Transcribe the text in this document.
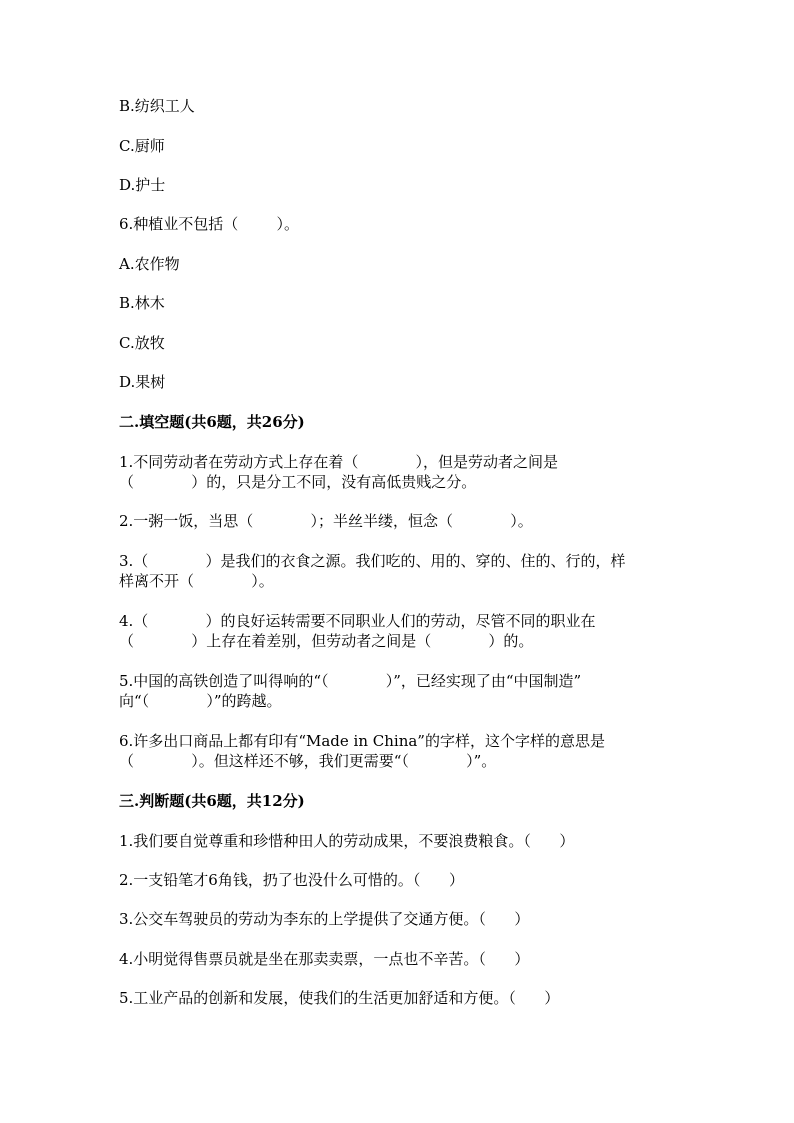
B.纺织工人
C.厨师
D.护士
6.种植业不包括（        ）。
A.农作物
B.林木
C.放牧
D.果树
二.填空题(共6题，共26分)
1.不同劳动者在劳动方式上存在着（            ），但是劳动者之间是
（            ）的，只是分工不同，没有高低贵贱之分。
2.一粥一饭，当思（            ）；半丝半缕，恒念（            ）。
3.（            ）是我们的衣食之源。我们吃的、用的、穿的、住的、行的，样
样离不开（            ）。
4.（            ）的良好运转需要不同职业人们的劳动，尽管不同的职业在
（            ）上存在着差别，但劳动者之间是（            ）的。
5.中国的高铁创造了叫得响的“（            ）”，已经实现了由“中国制造”
向“（            ）”的跨越。
6.许多出口商品上都有印有“Made in China”的字样，这个字样的意思是
（            ）。但这样还不够，我们更需要“（            ）”。
三.判断题(共6题，共12分)
1.我们要自觉尊重和珍惜种田人的劳动成果，不要浪费粮食。（      ）
2.一支铅笔才6角钱，扔了也没什么可惜的。（      ）
3.公交车驾驶员的劳动为李东的上学提供了交通方便。（      ）
4.小明觉得售票员就是坐在那卖卖票，一点也不辛苦。（      ）
5.工业产品的创新和发展，使我们的生活更加舒适和方便。（      ）
